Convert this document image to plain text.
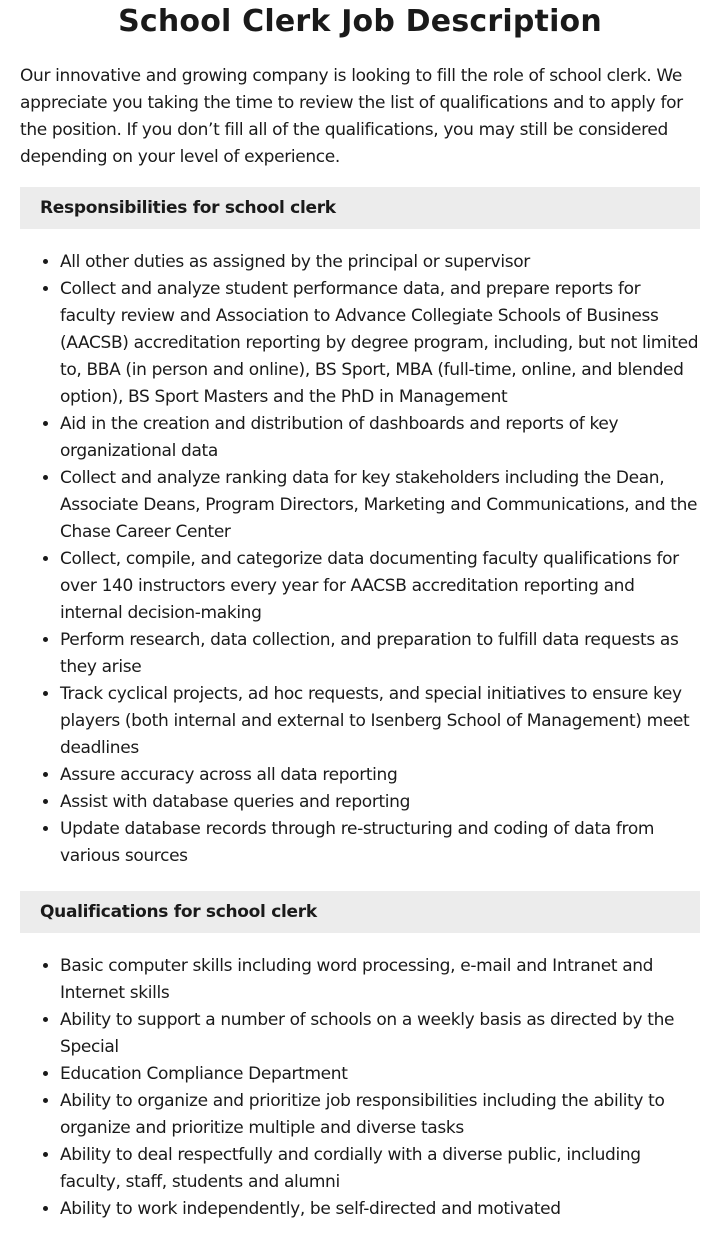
School Clerk Job Description

Our innovative and growing company is looking to fill the role of school clerk. We appreciate you taking the time to review the list of qualifications and to apply for the position. If you don’t fill all of the qualifications, you may still be considered depending on your level of experience.

Responsibilities for school clerk
• All other duties as assigned by the principal or supervisor
• Collect and analyze student performance data, and prepare reports for faculty review and Association to Advance Collegiate Schools of Business (AACSB) accreditation reporting by degree program, including, but not limited to, BBA (in person and online), BS Sport, MBA (full-time, online, and blended option), BS Sport Masters and the PhD in Management
• Aid in the creation and distribution of dashboards and reports of key organizational data
• Collect and analyze ranking data for key stakeholders including the Dean, Associate Deans, Program Directors, Marketing and Communications, and the Chase Career Center
• Collect, compile, and categorize data documenting faculty qualifications for over 140 instructors every year for AACSB accreditation reporting and internal decision-making
• Perform research, data collection, and preparation to fulfill data requests as they arise
• Track cyclical projects, ad hoc requests, and special initiatives to ensure key players (both internal and external to Isenberg School of Management) meet deadlines
• Assure accuracy across all data reporting
• Assist with database queries and reporting
• Update database records through re-structuring and coding of data from various sources
Qualifications for school clerk
• Basic computer skills including word processing, e-mail and Intranet and Internet skills
• Ability to support a number of schools on a weekly basis as directed by the Special
• Education Compliance Department
• Ability to organize and prioritize job responsibilities including the ability to organize and prioritize multiple and diverse tasks
• Ability to deal respectfully and cordially with a diverse public, including faculty, staff, students and alumni
• Ability to work independently, be self-directed and motivated
